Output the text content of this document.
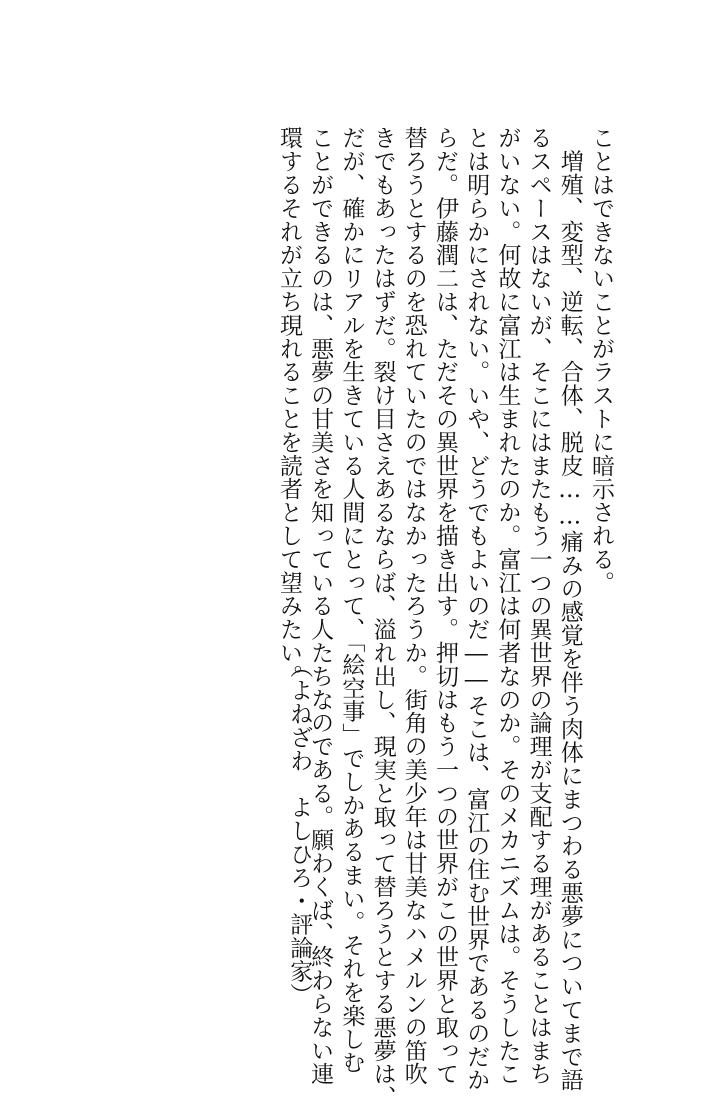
ことはできないことがラストに暗示される。
　増殖、変型、逆転、合体、脱皮……痛みの感覚を伴う肉体にまつわる悪夢についてまで語
るスペースはないが、そこにはまたもう一つの異世界の論理が支配する理があることはまち
がいない。何故に富江は生まれたのか。富江は何者なのか。そのメカニズムは。そうしたこ
とは明らかにされない。いや、どうでもよいのだ――そこは、富江の住む世界であるのだか
らだ。伊藤潤二は、ただその異世界を描き出す。押切はもう一つの世界がこの世界と取って
替ろうとするのを恐れていたのではなかったろうか。街角の美少年は甘美なハメルンの笛吹
きでもあったはずだ。裂け目さえあるならば、溢れ出し、現実と取って替ろうとする悪夢は、
だが、確かにリアルを生きている人間にとって、「絵空事」でしかあるまい。それを楽しむ
ことができるのは、悪夢の甘美さを知っている人たちなのである。願わくば、終わらない連
環するそれが立ち現れることを読者として望みたい。
（よねざわ　よしひろ・評論家）
